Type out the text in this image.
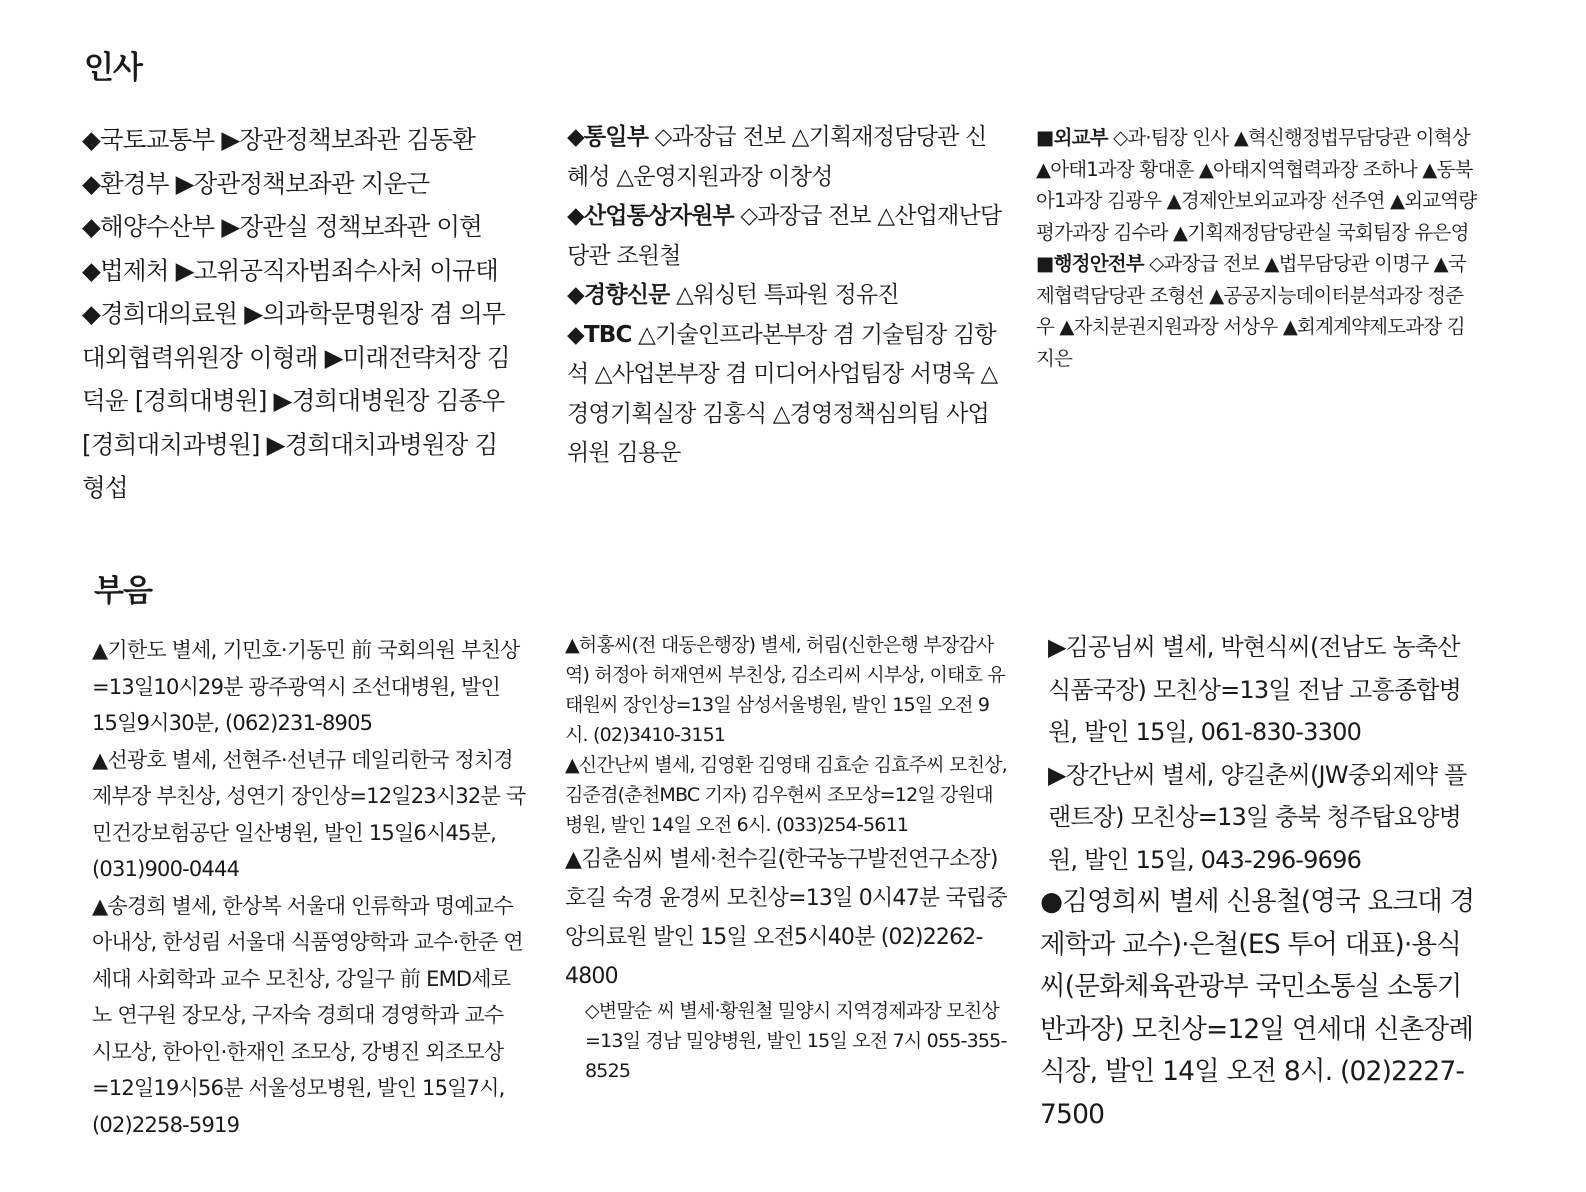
인사

◆국토교통부 ▶장관정책보좌관 김동환

◆환경부 ▶장관정책보좌관 지운근

◆해양수산부 ▶장관실 정책보좌관 이현

◆법제처 ▶고위공직자범죄수사처 이규태

◆경희대의료원 ▶의과학문명원장 겸 의무대외협력위원장 이형래 ▶미래전략처장 김덕윤 [경희대병원] ▶경희대병원장 김종우 [경희대치과병원] ▶경희대치과병원장 김형섭

◆통일부 ◇과장급 전보 △기획재정담당관 신혜성 △운영지원과장 이창성

◆산업통상자원부 ◇과장급 전보 △산업재난담당관 조원철

◆경향신문 △워싱턴 특파원 정유진

◆TBC △기술인프라본부장 겸 기술팀장 김항석 △사업본부장 겸 미디어사업팀장 서명욱 △경영기획실장 김홍식 △경영정책심의팀 사업위원 김용운

■외교부 ◇과·팀장 인사 ▲혁신행정법무담당관 이혁상 ▲아태1과장 황대훈 ▲아태지역협력과장 조하나 ▲동북아1과장 김광우 ▲경제안보외교과장 선주연 ▲외교역량평가과장 김수라 ▲기획재정담당관실 국회팀장 유은영

■행정안전부 ◇과장급 전보 ▲법무담당관 이명구 ▲국제협력담당관 조형선 ▲공공지능데이터분석과장 정준우 ▲자치분권지원과장 서상우 ▲회계계약제도과장 김지은

부음

▲기한도 별세, 기민호·기동민 前 국회의원 부친상=13일10시29분 광주광역시 조선대병원, 발인 15일9시30분, (062)231-8905

▲선광호 별세, 선현주·선년규 데일리한국 정치경제부장 부친상, 성연기 장인상=12일23시32분 국민건강보험공단 일산병원, 발인 15일6시45분, (031)900-0444

▲송경희 별세, 한상복 서울대 인류학과 명예교수 아내상, 한성림 서울대 식품영양학과 교수·한준 연세대 사회학과 교수 모친상, 강일구 前 EMD세로노 연구원 장모상, 구자숙 경희대 경영학과 교수 시모상, 한아인·한재인 조모상, 강병진 외조모상=12일19시56분 서울성모병원, 발인 15일7시, (02)2258-5919

▲허홍씨(전 대동은행장) 별세, 허림(신한은행 부장감사역) 허정아 허재연씨 부친상, 김소리씨 시부상, 이태호 유태원씨 장인상=13일 삼성서울병원, 발인 15일 오전 9시. (02)3410-3151

▲신간난씨 별세, 김영환 김영태 김효순 김효주씨 모친상, 김준겸(춘천MBC 기자) 김우현씨 조모상=12일 강원대병원, 발인 14일 오전 6시. (033)254-5611

▲김춘심씨 별세·천수길(한국농구발전연구소장) 호길 숙경 윤경씨 모친상=13일 0시47분 국립중앙의료원 발인 15일 오전5시40분 (02)2262-4800

◇변말순 씨 별세·황원철 밀양시 지역경제과장 모친상=13일 경남 밀양병원, 발인 15일 오전 7시 055-355-8525

▶김공님씨 별세, 박현식씨(전남도 농축산식품국장) 모친상=13일 전남 고흥종합병원, 발인 15일, 061-830-3300

▶장간난씨 별세, 양길춘씨(JW중외제약 플랜트장) 모친상=13일 충북 청주탑요양병원, 발인 15일, 043-296-9696

●김영희씨 별세 신용철(영국 요크대 경제학과 교수)·은철(ES 투어 대표)·용식씨(문화체육관광부 국민소통실 소통기반과장) 모친상=12일 연세대 신촌장례식장, 발인 14일 오전 8시. (02)2227-7500
